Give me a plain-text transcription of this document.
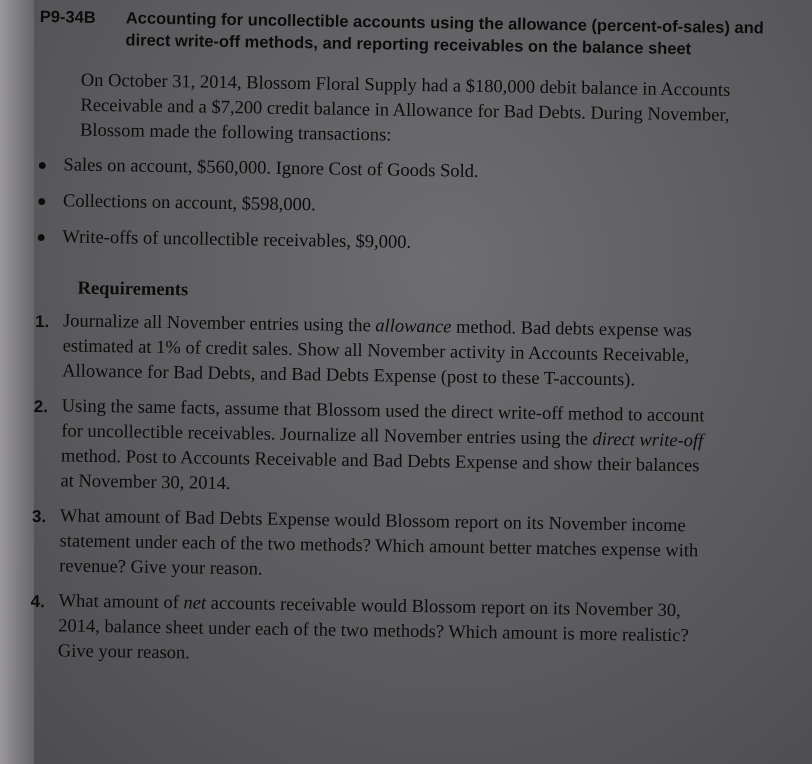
P9-34B	Accounting for uncollectible accounts using the allowance (percent-of-sales) and direct write-off methods, and reporting receivables on the balance sheet
On October 31, 2014, Blossom Floral Supply had a $180,000 debit balance in Accounts Receivable and a $7,200 credit balance in Allowance for Bad Debts. During November, Blossom made the following transactions:
● Sales on account, $560,000. Ignore Cost of Goods Sold.
● Collections on account, $598,000.
● Write-offs of uncollectible receivables, $9,000.
Requirements
1. Journalize all November entries using the allowance method. Bad debts expense was estimated at 1% of credit sales. Show all November activity in Accounts Receivable, Allowance for Bad Debts, and Bad Debts Expense (post to these T-accounts).
2. Using the same facts, assume that Blossom used the direct write-off method to account for uncollectible receivables. Journalize all November entries using the direct write-off method. Post to Accounts Receivable and Bad Debts Expense and show their balances at November 30, 2014.
3. What amount of Bad Debts Expense would Blossom report on its November income statement under each of the two methods? Which amount better matches expense with revenue? Give your reason.
4. What amount of net accounts receivable would Blossom report on its November 30, 2014, balance sheet under each of the two methods? Which amount is more realistic? Give your reason.
